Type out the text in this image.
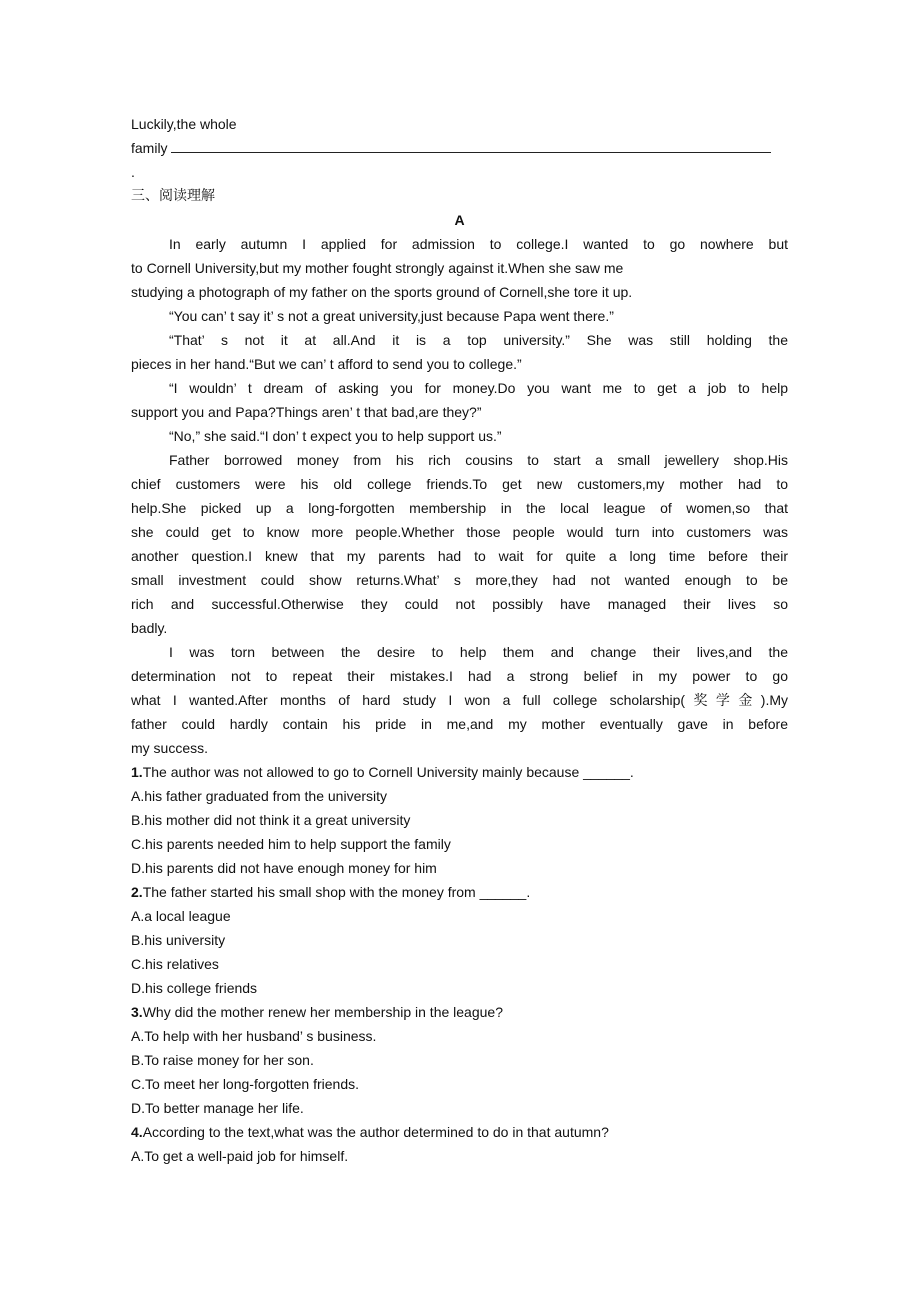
Luckily,the whole
family
.
三、阅读理解
A
In early autumn I applied for admission to college.I wanted to go nowhere but
to Cornell University,but my mother fought strongly against it.When she saw me
studying a photograph of my father on the sports ground of Cornell,she tore it up.
“You can’ t say it’ s not a great university,just because Papa went there.”
“That’ s not it at all.And it is a top university.” She was still holding the
pieces in her hand.“But we can’ t afford to send you to college.”
“I wouldn’ t dream of asking you for money.Do you want me to get a job to help
support you and Papa?Things aren’ t that bad,are they?”
“No,” she said.“I don’ t expect you to help support us.”
Father borrowed money from his rich cousins to start a small jewellery shop.His
chief customers were his old college friends.To get new customers,my mother had to
help.She picked up a long-forgotten membership in the local league of women,so that
she could get to know more people.Whether those people would turn into customers was
another question.I knew that my parents had to wait for quite a long time before their
small investment could show returns.What’ s more,they had not wanted enough to be
rich and successful.Otherwise they could not possibly have managed their lives so
badly.
I was torn between the desire to help them and change their lives,and the
determination not to repeat their mistakes.I had a strong belief in my power to go
what I wanted.After months of hard study I won a full college scholarship(奖学金).My
father could hardly contain his pride in me,and my mother eventually gave in before
my success.
1.The author was not allowed to go to Cornell University mainly because ______.
A.his father graduated from the university
B.his mother did not think it a great university
C.his parents needed him to help support the family
D.his parents did not have enough money for him
2.The father started his small shop with the money from ______.
A.a local league
B.his university
C.his relatives
D.his college friends
3.Why did the mother renew her membership in the league?
A.To help with her husband’ s business.
B.To raise money for her son.
C.To meet her long-forgotten friends.
D.To better manage her life.
4.According to the text,what was the author determined to do in that autumn?
A.To get a well-paid job for himself.
